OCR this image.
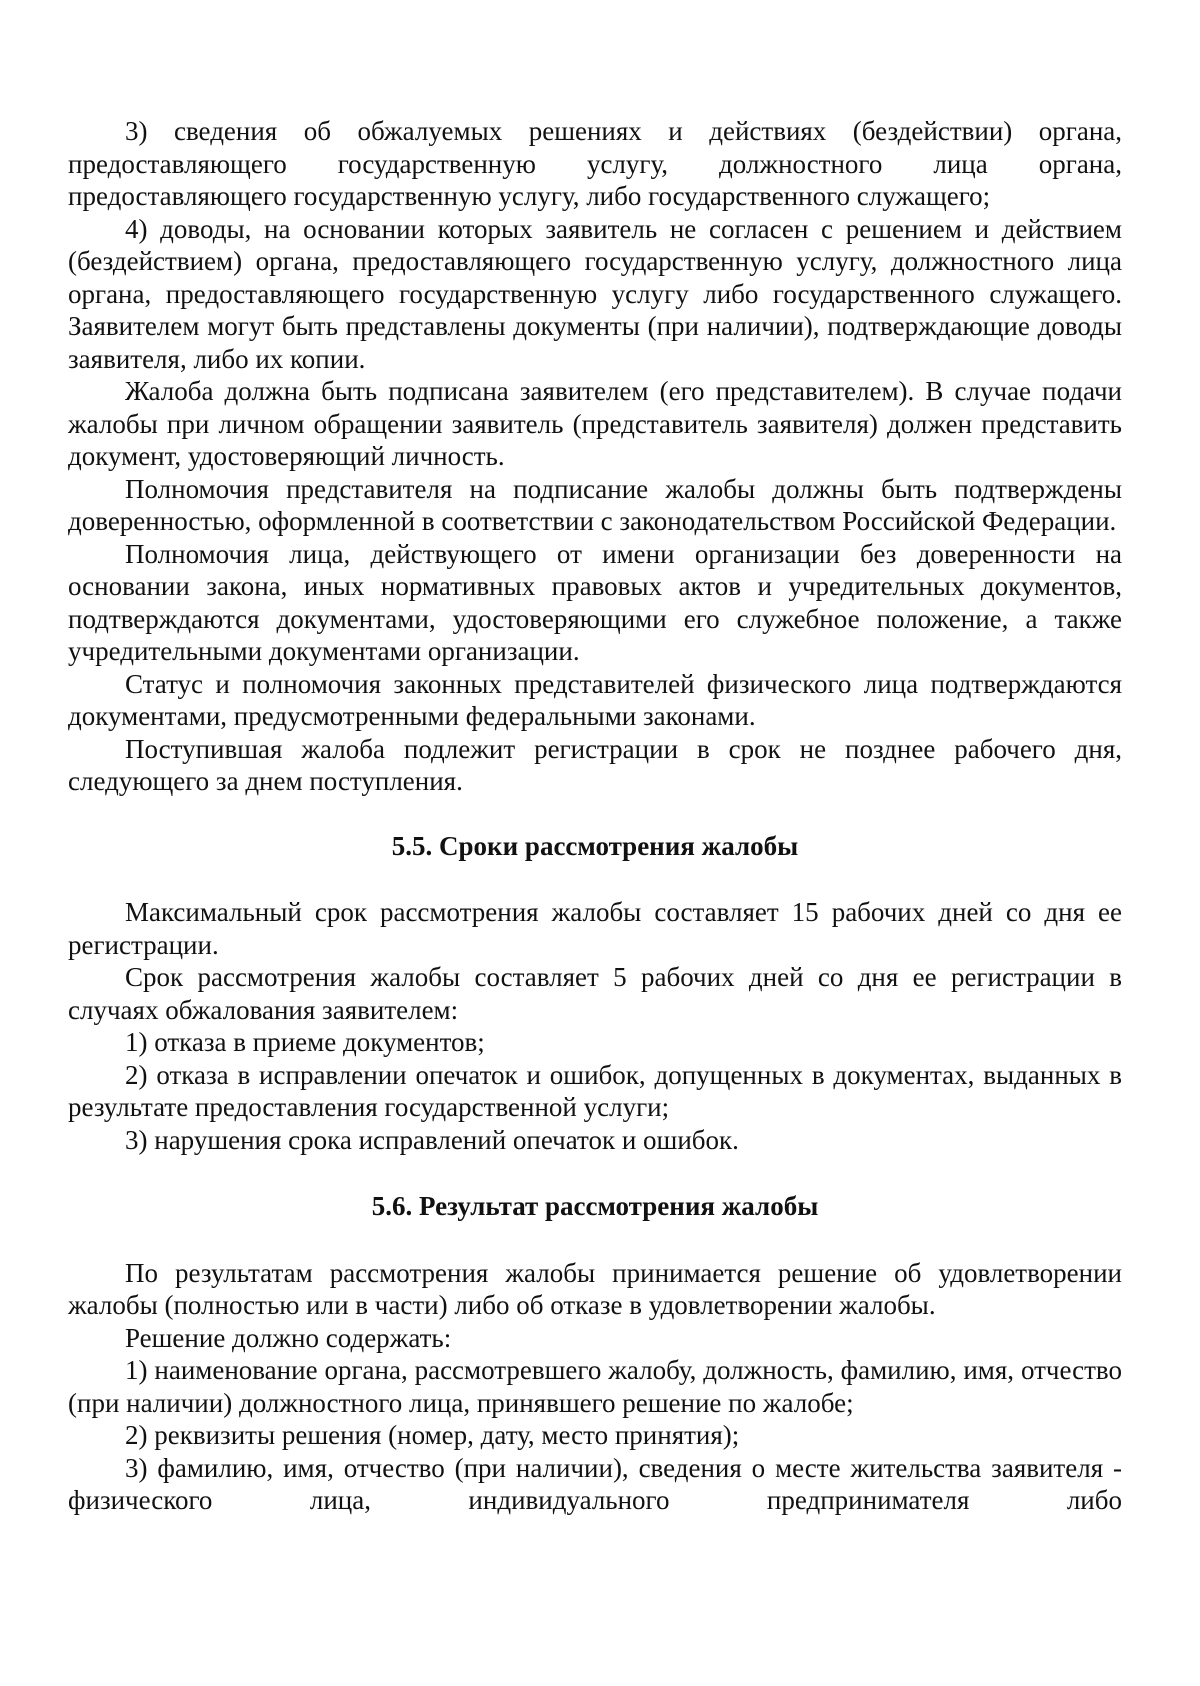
3) сведения об обжалуемых решениях и действиях (бездействии) органа, предоставляющего государственную услугу, должностного лица органа, предоставляющего государственную услугу, либо государственного служащего;

4) доводы, на основании которых заявитель не согласен с решением и действием (бездействием) органа, предоставляющего государственную услугу, должностного лица органа, предоставляющего государственную услугу либо государственного служащего. Заявителем могут быть представлены документы (при наличии), подтверждающие доводы заявителя, либо их копии.

Жалоба должна быть подписана заявителем (его представителем). В случае подачи жалобы при личном обращении заявитель (представитель заявителя) должен представить документ, удостоверяющий личность.

Полномочия представителя на подписание жалобы должны быть подтверждены доверенностью, оформленной в соответствии с законодательством Российской Федерации.

Полномочия лица, действующего от имени организации без доверенности на основании закона, иных нормативных правовых актов и учредительных документов, подтверждаются документами, удостоверяющими его служебное положение, а также учредительными документами организации.

Статус и полномочия законных представителей физического лица подтверждаются документами, предусмотренными федеральными законами.

Поступившая жалоба подлежит регистрации в срок не позднее рабочего дня, следующего за днем поступления.

5.5. Сроки рассмотрения жалобы

Максимальный срок рассмотрения жалобы составляет 15 рабочих дней со дня ее регистрации.

Срок рассмотрения жалобы составляет 5 рабочих дней со дня ее регистрации в случаях обжалования заявителем:

1) отказа в приеме документов;

2) отказа в исправлении опечаток и ошибок, допущенных в документах, выданных в результате предоставления государственной услуги;

3) нарушения срока исправлений опечаток и ошибок.

5.6. Результат рассмотрения жалобы

По результатам рассмотрения жалобы принимается решение об удовлетворении жалобы (полностью или в части) либо об отказе в удовлетворении жалобы.

Решение должно содержать:

1) наименование органа, рассмотревшего жалобу, должность, фамилию, имя, отчество (при наличии) должностного лица, принявшего решение по жалобе;

2) реквизиты решения (номер, дату, место принятия);

3) фамилию, имя, отчество (при наличии), сведения о месте жительства заявителя - физического лица, индивидуального предпринимателя либо
